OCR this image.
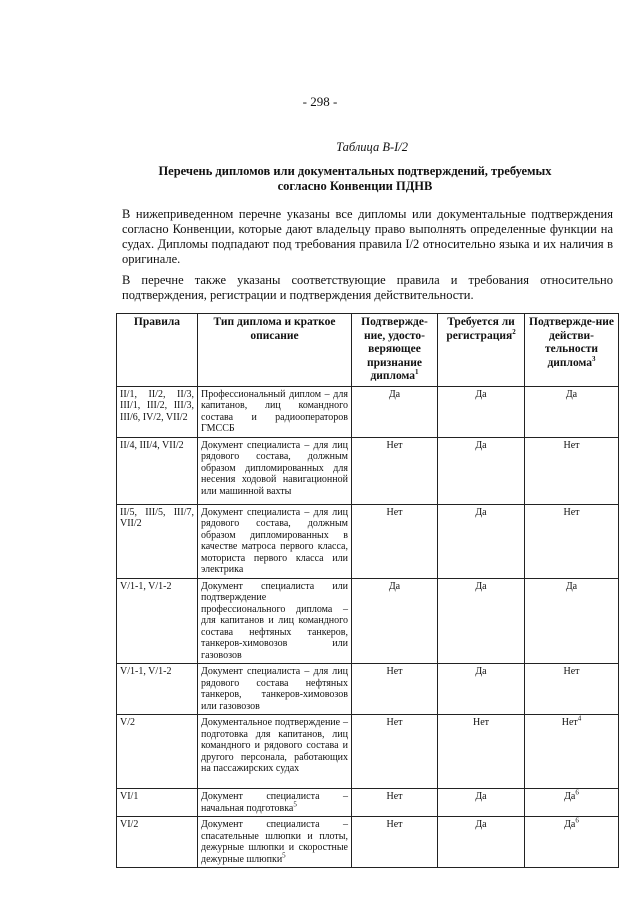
- 298 -
Таблица B-I/2
Перечень дипломов или документальных подтверждений, требуемых согласно Конвенции ПДНВ
В нижеприведенном перечне указаны все дипломы или документальные подтверждения согласно Конвенции, которые дают владельцу право выполнять определенные функции на судах. Дипломы подпадают под требования правила I/2 относительно языка и их наличия в оригинале.
В перечне также указаны соответствующие правила и требования относительно подтверждения, регистрации и подтверждения действительности.
Правила	Тип диплома и краткое описание	Подтвержде-ние, удосто-веряющее признание диплома$^1$	Требуется ли регистрация$^2$	Подтвержде-ние действи-тельности диплома$^3$
II/1, II/2, II/3, III/1, III/2, III/3, III/6, IV/2, VII/2	Профессиональный диплом – для капитанов, лиц командного состава и радиооператоров ГМССБ	Да	Да	Да
II/4, III/4, VII/2	Документ специалиста – для лиц рядового состава, должным образом дипломированных для несения ходовой навигационной или машинной вахты	Нет	Да	Нет
II/5, III/5, III/7, VII/2	Документ специалиста – для лиц рядового состава, должным образом дипломированных в качестве матроса первого класса, моториста первого класса или электрика	Нет	Да	Нет
V/1-1, V/1-2	Документ специалиста или подтверждение профессионального диплома – для капитанов и лиц командного состава нефтяных танкеров, танкеров-химовозов или газовозов	Да	Да	Да
V/1-1, V/1-2	Документ специалиста – для лиц рядового состава нефтяных танкеров, танкеров-химовозов или газовозов	Нет	Да	Нет
V/2	Документальное подтверждение – подготовка для капитанов, лиц командного и рядового состава и другого персонала, работающих на пассажирских судах	Нет	Нет	Нет$^4$
VI/1	Документ специалиста – начальная подготовка$^5$	Нет	Да	$Да^6$
VI/2	Документ специалиста – спасательные шлюпки и плоты, дежурные шлюпки и скоростные дежурные шлюпки$^5$	Нет	Да	$Да^6$
